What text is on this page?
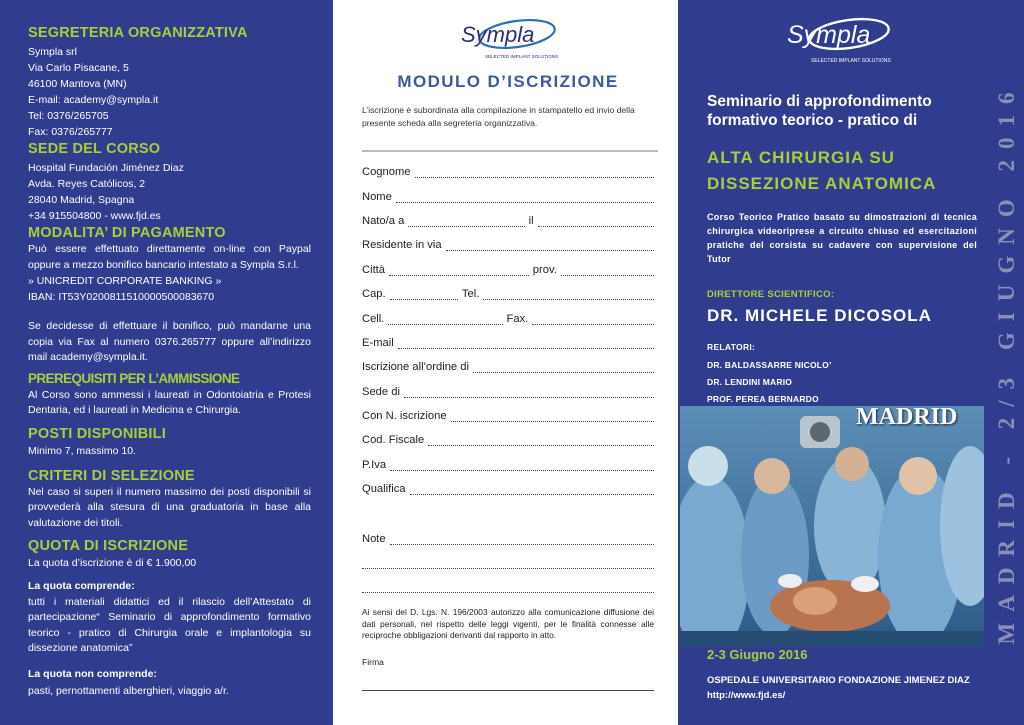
SEGRETERIA ORGANIZZATIVA
Sympla srl
Via Carlo Pisacane, 5
46100 Mantova (MN)
E-mail: academy@sympla.it
Tel: 0376/265705
Fax: 0376/265777
SEDE DEL CORSO
Hospital Fundación Jiménez Diaz
Avda. Reyes Católicos, 2
28040 Madrid, Spagna
+34 915504800 - www.fjd.es
MODALITA’ DI PAGAMENTO
Può essere effettuato direttamente on-line con Paypal oppure a mezzo bonifico bancario intestato a Sympla S.r.l.
» UNICREDIT CORPORATE BANKING »
IBAN: IT53Y0200811510000500083670
Se decidesse di effettuare il bonifico, può mandarne una copia via Fax al numero 0376.265777 oppure all’indirizzo mail academy@sympla.it.
PREREQUISITI PER L’AMMISSIONE
Al Corso sono ammessi i laureati in Odontoiatria e Protesi Dentaria, ed i laureati in Medicina e Chirurgia.
POSTI DISPONIBILI
Minimo 7, massimo 10.
CRITERI DI SELEZIONE
Nel caso si superi il numero massimo dei posti disponibili si provvederà alla stesura di una graduatoria in base alla valutazione dei titoli.
QUOTA DI ISCRIZIONE
La quota d’iscrizione è di € 1.900,00
La quota comprende:
tutti i materiali didattici ed il rilascio dell’Attestato di partecipazione“ Seminario di approfondimento formativo teorico - pratico di Chirurgia orale e implantologia su dissezione anatomica”
La quota non comprende:
pasti, pernottamenti alberghieri, viaggio a/r.
Sympla
SELECTED IMPLANT SOLUTIONS
MODULO D’ISCRIZIONE
L’iscrizione è subordinata alla compilazione in stampatello ed invio della presente scheda alla segreteria organizzativa.
Cognome
Nome
Nato/a a	il
Residente in via
Città	prov.
Cap.	Tel.
Cell.	Fax.
E-mail
Iscrizione all’ordine di
Sede di
Con N. iscrizione
Cod. Fiscale
P.Iva
Qualifica
Note
Ai sensi del D. Lgs. N. 196/2003 autorizzo alla comunicazione diffusione dei dati personali, nel rispetto delle leggi vigenti, per le finalità connesse alle reciproche obbligazioni derivanti dal rapporto in atto.
Firma
Sympla
SELECTED IMPLANT SOLUTIONS
Seminario di approfondimento formativo teorico - pratico di
ALTA CHIRURGIA SU DISSEZIONE ANATOMICA
Corso Teorico Pratico basato su dimostrazioni di tecnica chirurgica videoriprese a circuito chiuso ed esercitazioni pratiche del corsista su cadavere con supervisione del Tutor
DIRETTORE SCIENTIFICO:
DR. MICHELE DICOSOLA
RELATORI:
DR. BALDASSARRE NICOLO’
DR. LENDINI MARIO
PROF. PEREA BERNARDO
MADRID
2-3 Giugno 2016
OSPEDALE UNIVERSITARIO FONDAZIONE JIMENEZ DIAZ
http://www.fjd.es/
MADRID - 2/3 GIUGNO 2016
